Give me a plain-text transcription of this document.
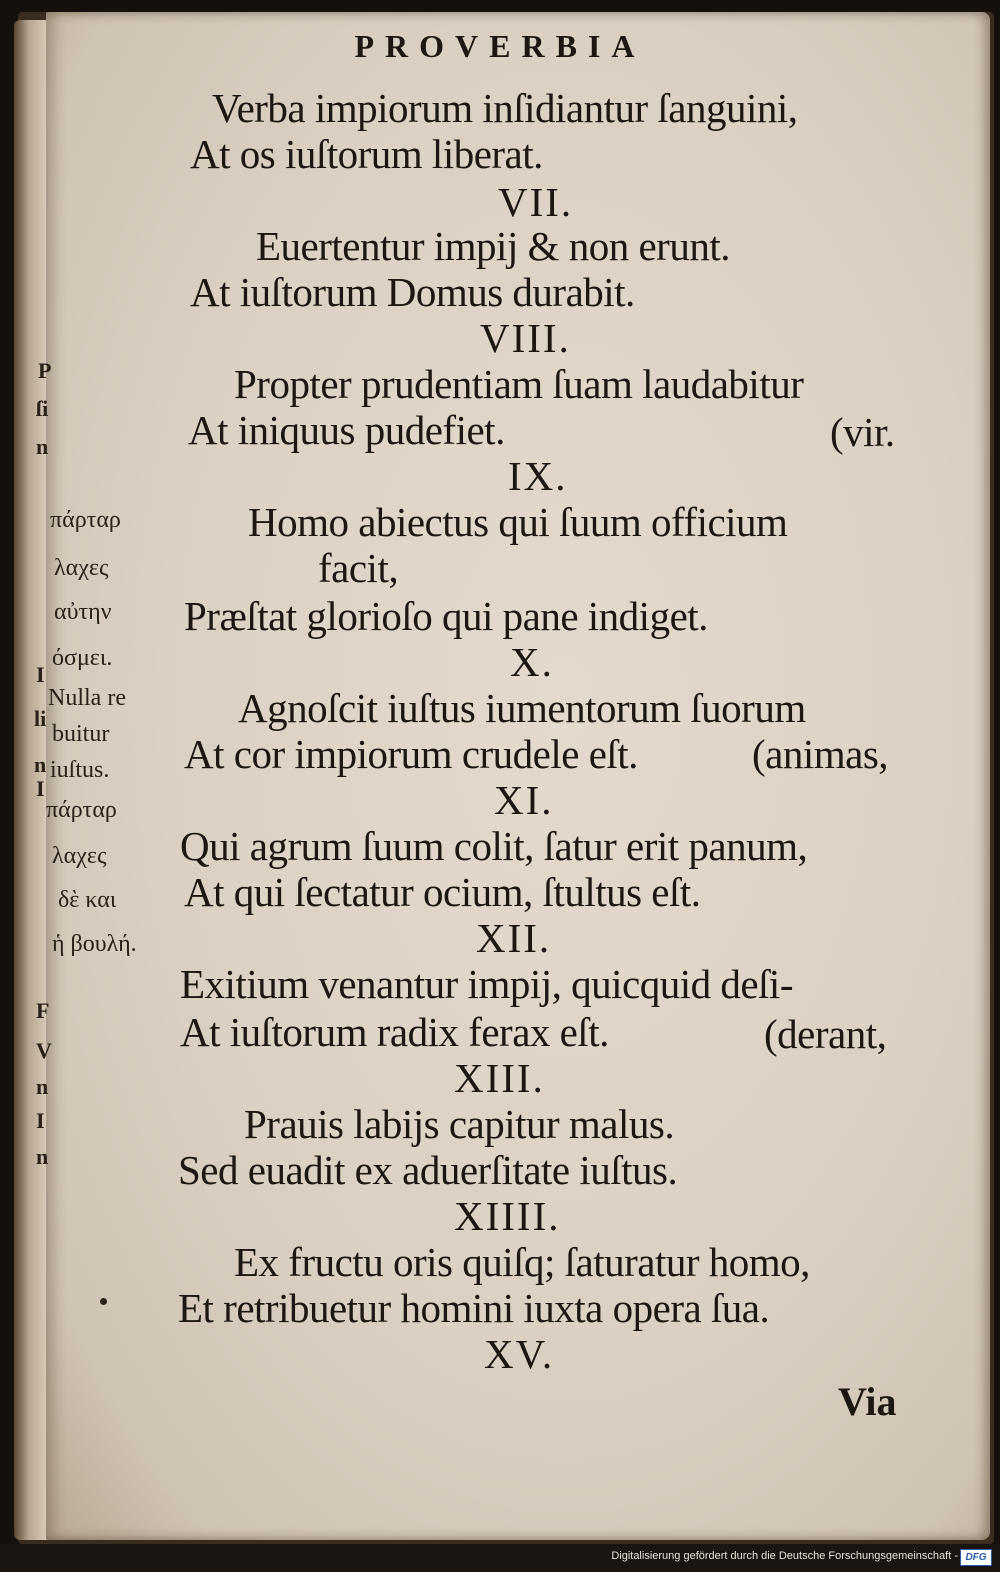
PROVERBIA
Verba impiorum inſidiantur ſanguini,
At os iuſtorum liberat.
VII.
Euertentur impij & non erunt.
At iuſtorum Domus durabit.
VIII.
Propter prudentiam ſuam laudabitur
At iniquus pudefiet.	(vir.
IX.
Homo abiectus qui ſuum officium
facit,
Præſtat glorioſo qui pane indiget.
X.
Agnoſcit iuſtus iumentorum ſuorum
At cor impiorum crudele eſt.	(animas,
XI.
Qui agrum ſuum colit, ſatur erit panum,
At qui ſectatur ocium, ſtultus eſt.
XII.
Exitium venantur impij, quicquid deſi-
At iuſtorum radix ferax eſt.	(derant,
XIII.
Prauis labijs capitur malus.
Sed euadit ex aduerſitate iuſtus.
XIIII.
Ex fructu oris quiſq; ſaturatur homo,
Et retribuetur homini iuxta opera ſua.
XV.
Via
πάρταρ
λαχες
αὐτην
όσμει.
Nulla re
buitur
iuſtus.
πάρταρ
λαχες
δὲ και
ἡ βουλή.
P
ſi
n
I
li
n
I
F
V
n
I
n
Digitalisierung gefördert durch die Deutsche Forschungsgemeinschaft - DFG
